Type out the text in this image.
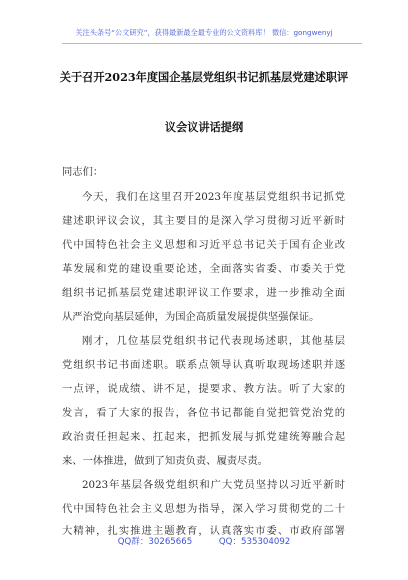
关注头条号“公文研究”，获得最新最全最专业的公文资料库！ 微信：gongwenyj
关于召开2023年度国企基层党组织书记抓基层党建述职评
议会议讲话提纲
同志们：
今天，我们在这里召开2023年度基层党组织书记抓党
建述职评议会议，其主要目的是深入学习贯彻习近平新时
代中国特色社会主义思想和习近平总书记关于国有企业改
革发展和党的建设重要论述，全面落实省委、市委关于党
组织书记抓基层党建述职评议工作要求，进一步推动全面
从严治党向基层延伸，为国企高质量发展提供坚强保证。
刚才，几位基层党组织书记代表现场述职，其他基层
党组织书记书面述职。联系点领导认真听取现场述职并逐
一点评，说成绩、讲不足，提要求、教方法。听了大家的
发言，看了大家的报告，各位书记都能自觉把管党治党的
政治责任担起来、扛起来，把抓发展与抓党建统筹融合起
来、一体推进，做到了知责负责、履责尽责。
2023年基层各级党组织和广大党员坚持以习近平新时
代中国特色社会主义思想为指导，深入学习贯彻党的二十
大精神，扎实推进主题教育，认真落实市委、市政府部署
QQ群：30265665	QQ：535304092
